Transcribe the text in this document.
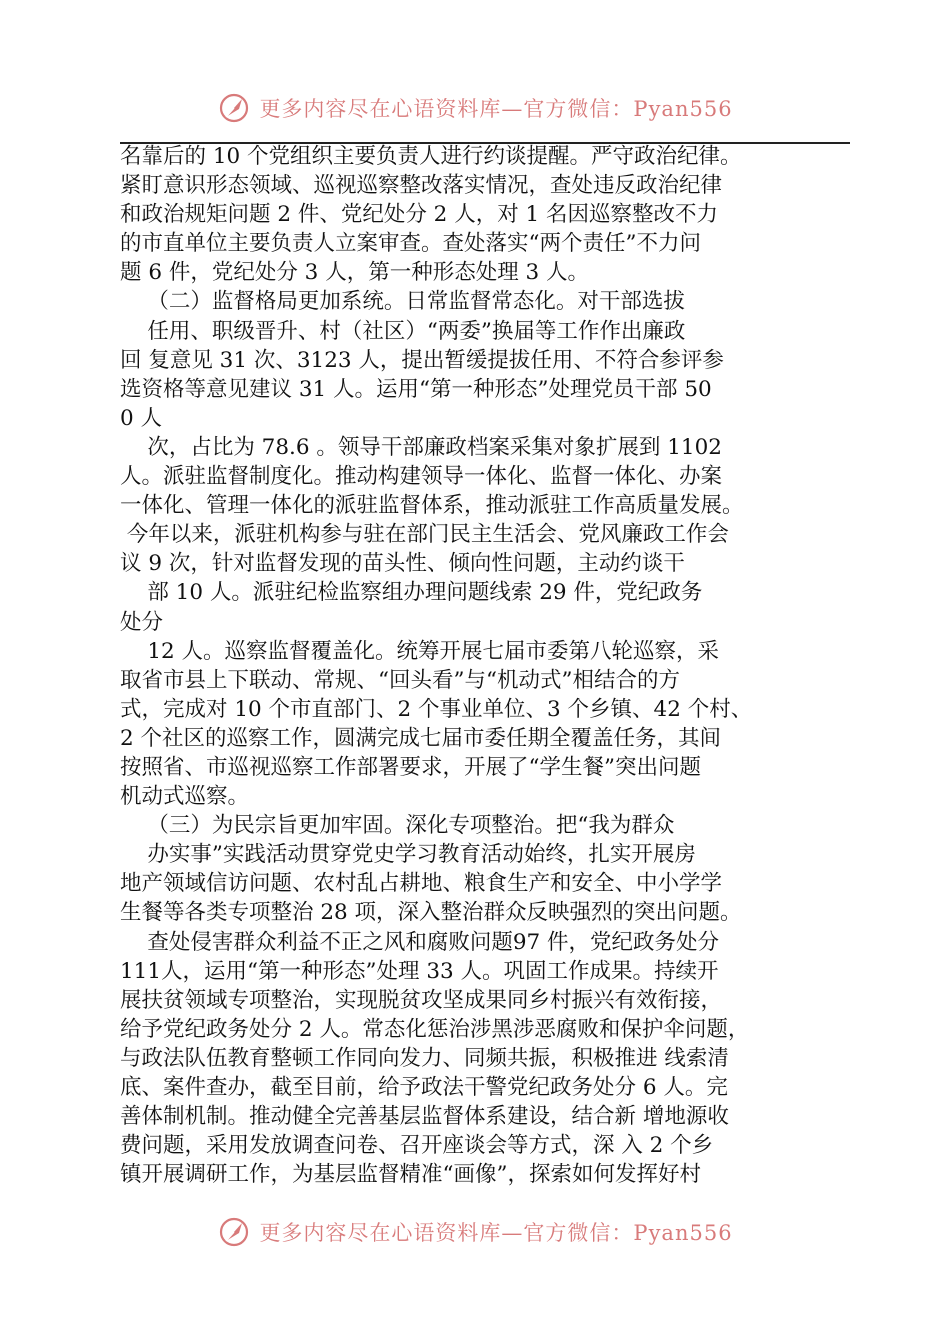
更多内容尽在心语资料库—官方微信：Pyan556
名靠后的 10 个党组织主要负责人进行约谈提醒。严守政治纪律。
紧盯意识形态领域、巡视巡察整改落实情况，查处违反政治纪律
和政治规矩问题 2 件、党纪处分 2 人，对 1 名因巡察整改不力
的市直单位主要负责人立案审查。查处落实“两个责任”不力问
题 6 件，党纪处分 3 人，第一种形态处理 3 人。
（二）监督格局更加系统。日常监督常态化。对干部选拔
任用、职级晋升、村（社区）“两委”换届等工作作出廉政
回 复意见 31 次、3123 人，提出暂缓提拔任用、不符合参评参
选资格等意见建议 31 人。运用“第一种形态”处理党员干部 50
0 人
次，占比为 78.6 。领导干部廉政档案采集对象扩展到 1102
人。派驻监督制度化。推动构建领导一体化、监督一体化、办案
一体化、管理一体化的派驻监督体系，推动派驻工作高质量发展。
今年以来，派驻机构参与驻在部门民主生活会、党风廉政工作会
议 9 次，针对监督发现的苗头性、倾向性问题，主动约谈干
部 10 人。派驻纪检监察组办理问题线索 29 件，党纪政务
处分
12 人。巡察监督覆盖化。统筹开展七届市委第八轮巡察，采
取省市县上下联动、常规、“回头看”与“机动式”相结合的方
式，完成对 10 个市直部门、2 个事业单位、3 个乡镇、42 个村、
2 个社区的巡察工作，圆满完成七届市委任期全覆盖任务，其间
按照省、市巡视巡察工作部署要求，开展了“学生餐”突出问题
机动式巡察。
（三）为民宗旨更加牢固。深化专项整治。把“我为群众
办实事”实践活动贯穿党史学习教育活动始终，扎实开展房
地产领域信访问题、农村乱占耕地、粮食生产和安全、中小学学
生餐等各类专项整治 28 项，深入整治群众反映强烈的突出问题。
查处侵害群众利益不正之风和腐败问题97 件，党纪政务处分
111人，运用“第一种形态”处理 33 人。巩固工作成果。持续开
展扶贫领域专项整治，实现脱贫攻坚成果同乡村振兴有效衔接，
给予党纪政务处分 2 人。常态化惩治涉黑涉恶腐败和保护伞问题，
与政法队伍教育整顿工作同向发力、同频共振，积极推进 线索清
底、案件查办，截至目前，给予政法干警党纪政务处分 6 人。完
善体制机制。推动健全完善基层监督体系建设，结合新 增地源收
费问题，采用发放调查问卷、召开座谈会等方式，深 入 2 个乡
镇开展调研工作，为基层监督精准“画像”，探索如何发挥好村
更多内容尽在心语资料库—官方微信：Pyan556
